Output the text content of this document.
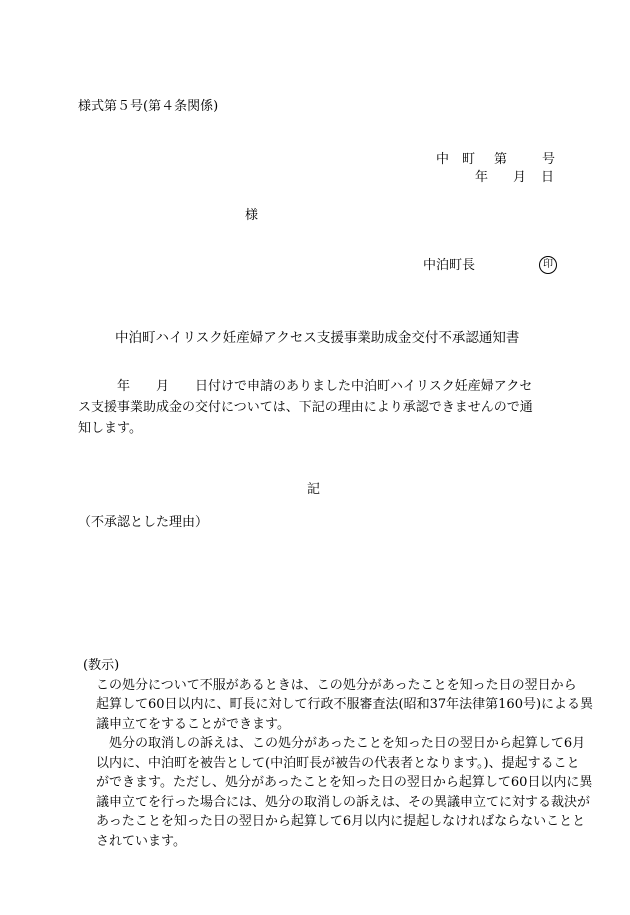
様式第５号(第４条関係)
中　町 第	号
年 月 日
様
中泊町長	印
中泊町ハイリスク妊産婦アクセス支援事業助成金交付不承認通知書
　　　年　　月　　日付けで申請のありました中泊町ハイリスク妊産婦アクセ
ス支援事業助成金の交付については、下記の理由により承認できませんので通
知します。
記
（不承認とした理由）
(教示)
　この処分について不服があるときは、この処分があったことを知った日の翌日から
　起算して60日以内に、町長に対して行政不服審査法(昭和37年法律第160号)による異
　議申立てをすることができます。
　　処分の取消しの訴えは、この処分があったことを知った日の翌日から起算して6月
　以内に、中泊町を被告として(中泊町長が被告の代表者となります。)、提起すること
　ができます。ただし、処分があったことを知った日の翌日から起算して60日以内に異
　議申立てを行った場合には、処分の取消しの訴えは、その異議申立てに対する裁決が
　あったことを知った日の翌日から起算して6月以内に提起しなければならないことと
　されています。
